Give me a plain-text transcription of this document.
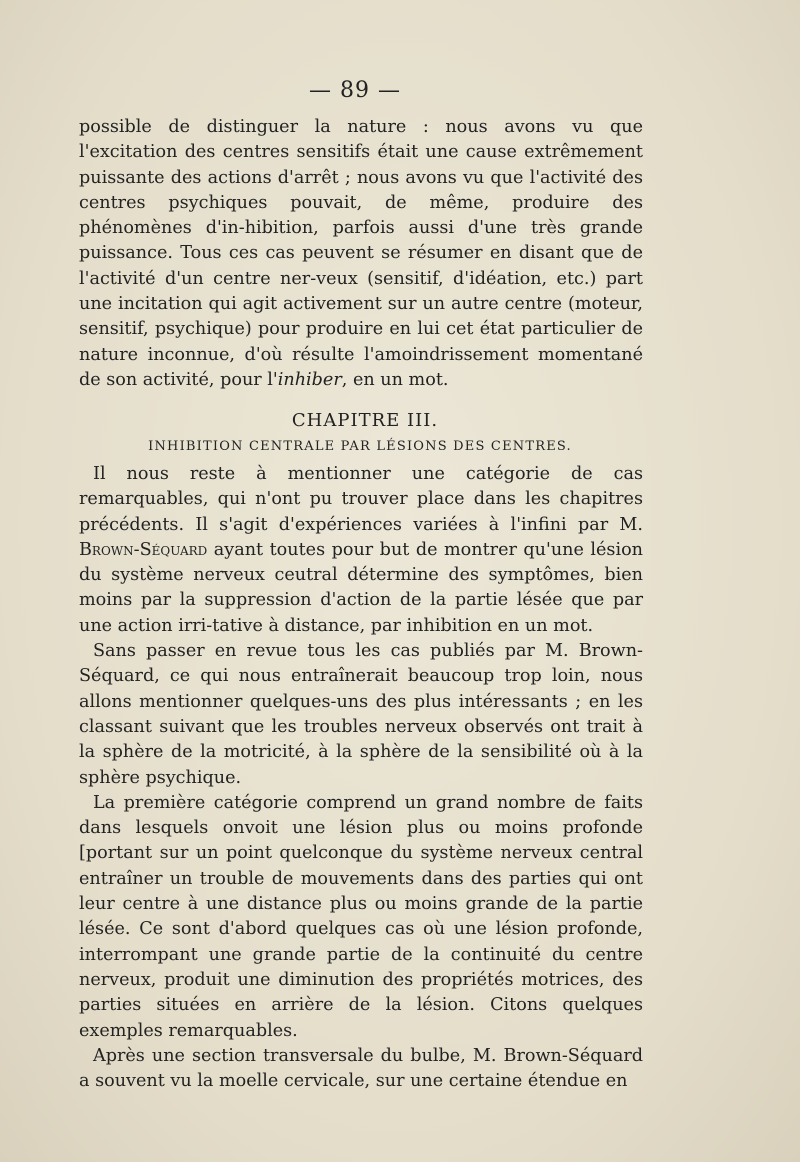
— 89 —

possible de distinguer la nature : nous avons vu que l'excitation des centres sensitifs était une cause extrêmement puissante des actions d'arrêt ; nous avons vu que l'activité des centres psychiques pouvait, de même, produire des phénomènes d'in-hibition, parfois aussi d'une très grande puissance. Tous ces cas peuvent se résumer en disant que de l'activité d'un centre ner-veux (sensitif, d'idéation, etc.) part une incitation qui agit activement sur un autre centre (moteur, sensitif, psychique) pour produire en lui cet état particulier de nature inconnue, d'où résulte l'amoindrissement momentané de son activité, pour l'inhiber, en un mot.

CHAPITRE III.
INHIBITION CENTRALE PAR LÉSIONS DES CENTRES.

Il nous reste à mentionner une catégorie de cas remarquables, qui n'ont pu trouver place dans les chapitres précédents. Il s'agit d'expériences variées à l'infini par M. Brown-Séquard ayant toutes pour but de montrer qu'une lésion du système nerveux ceutral détermine des symptômes, bien moins par la suppression d'action de la partie lésée que par une action irri-tative à distance, par inhibition en un mot.

Sans passer en revue tous les cas publiés par M. Brown-Séquard, ce qui nous entraînerait beaucoup trop loin, nous allons mentionner quelques-uns des plus intéressants ; en les classant suivant que les troubles nerveux observés ont trait à la sphère de la motricité, à la sphère de la sensibilité où à la sphère psychique.

La première catégorie comprend un grand nombre de faits dans lesquels onvoit une lésion plus ou moins profonde [portant sur un point quelconque du système nerveux central entraîner un trouble de mouvements dans des parties qui ont leur centre à une distance plus ou moins grande de la partie lésée. Ce sont d'abord quelques cas où une lésion profonde, interrompant une grande partie de la continuité du centre nerveux, produit une diminution des propriétés motrices, des parties situées en arrière de la lésion. Citons quelques exemples remarquables.

Après une section transversale du bulbe, M. Brown-Séquard a souvent vu la moelle cervicale, sur une certaine étendue en
